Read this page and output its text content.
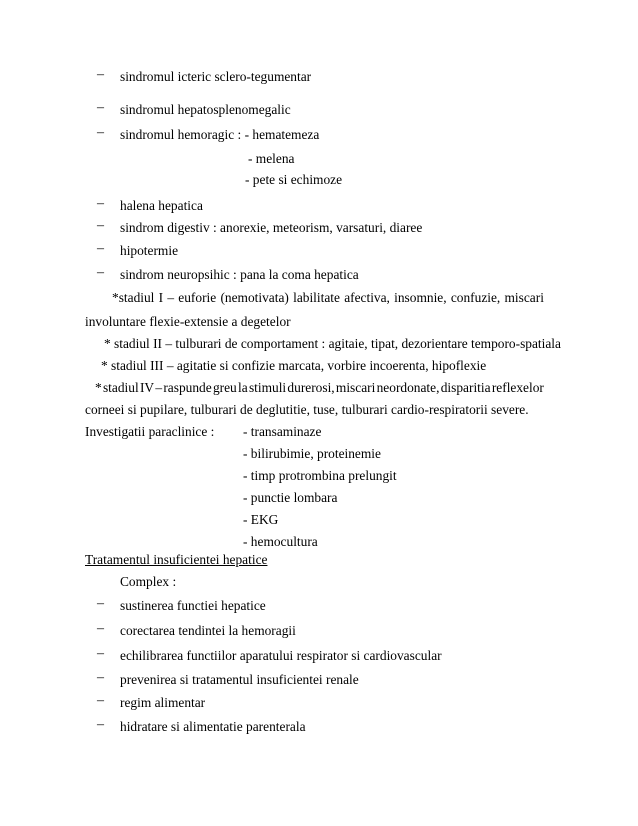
– sindromul icteric sclero-tegumentar
– sindromul hepatosplenomegalic
– sindromul hemoragic : - hematemeza
- melena
- pete si echimoze
– halena hepatica
– sindrom digestiv : anorexie, meteorism, varsaturi, diaree
– hipotermie
– sindrom neuropsihic : pana la coma hepatica
*stadiul I – euforie (nemotivata) labilitate afectiva, insomnie, confuzie, miscari
involuntare flexie-extensie a degetelor
* stadiul II – tulburari de comportament : agitaie, tipat, dezorientare temporo-spatiala
* stadiul III – agitatie si confizie marcata, vorbire incoerenta, hipoflexie
* stadiul IV – raspunde greu la stimuli durerosi, miscari neordonate, disparitia reflexelor
corneei si pupilare, tulburari de deglutitie, tuse, tulburari cardio-respiratorii severe.
Investigatii paraclinice : - transaminaze
- bilirubimie, proteinemie
- timp protrombina prelungit
- punctie lombara
- EKG
- hemocultura
Tratamentul insuficientei hepatice
Complex :
– sustinerea functiei hepatice
– corectarea tendintei la hemoragii
– echilibrarea functiilor aparatului respirator si cardiovascular
– prevenirea si tratamentul insuficientei renale
– regim alimentar
– hidratare si alimentatie parenterala
